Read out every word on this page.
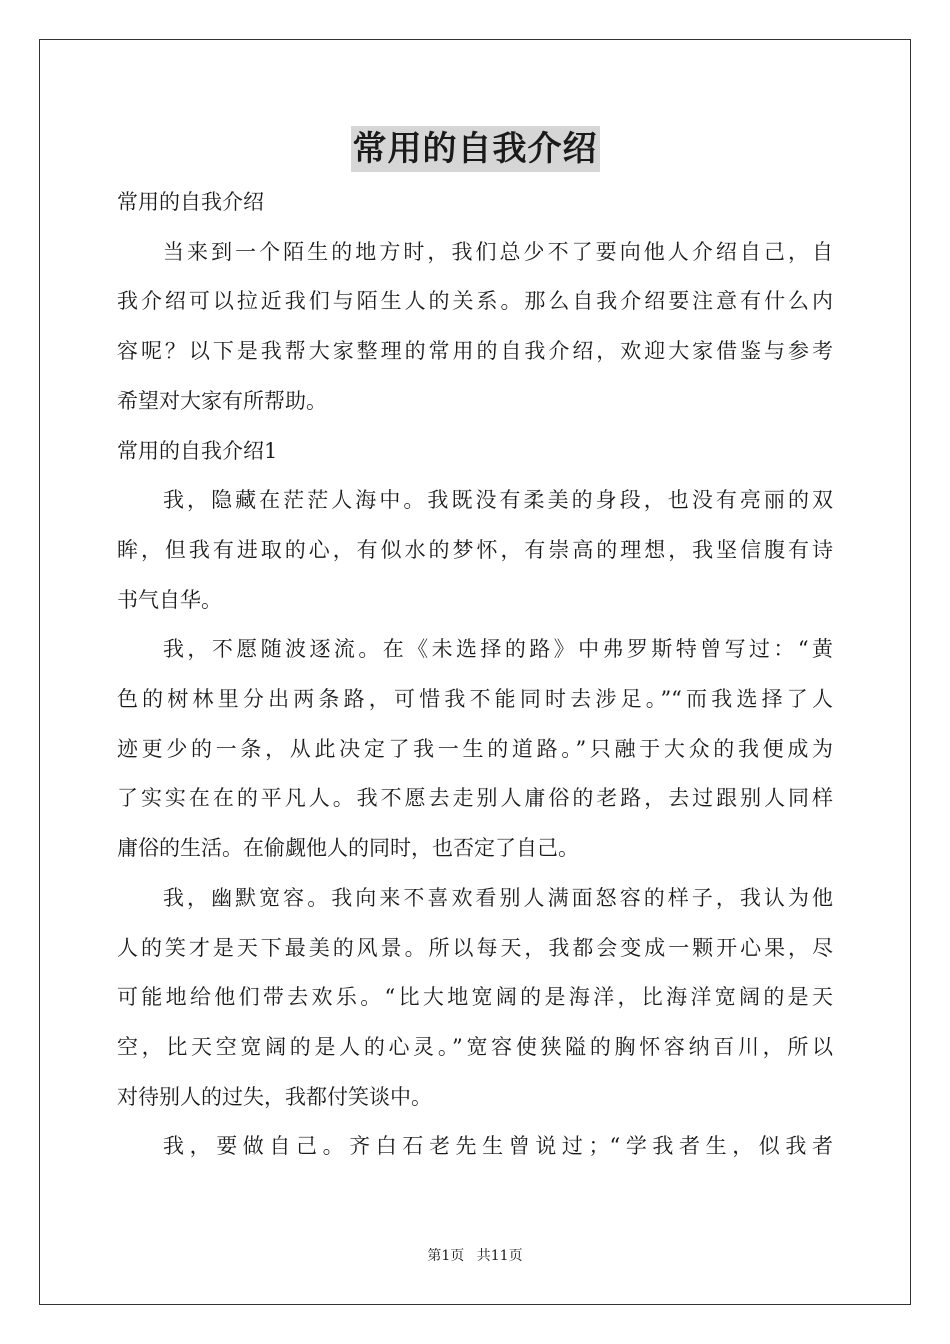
常用的自我介绍
常用的自我介绍
当来到一个陌生的地方时，我们总少不了要向他人介绍自己，自
我介绍可以拉近我们与陌生人的关系。那么自我介绍要注意有什么内
容呢？以下是我帮大家整理的常用的自我介绍，欢迎大家借鉴与参考
希望对大家有所帮助。
常用的自我介绍1
我，隐藏在茫茫人海中。我既没有柔美的身段，也没有亮丽的双
眸，但我有进取的心，有似水的梦怀，有崇高的理想，我坚信腹有诗
书气自华。
我，不愿随波逐流。在《未选择的路》中弗罗斯特曾写过：“黄
色的树林里分出两条路，可惜我不能同时去涉足。”“而我选择了人
迹更少的一条，从此决定了我一生的道路。”只融于大众的我便成为
了实实在在的平凡人。我不愿去走别人庸俗的老路，去过跟别人同样
庸俗的生活。在偷觑他人的同时，也否定了自己。
我，幽默宽容。我向来不喜欢看别人满面怒容的样子，我认为他
人的笑才是天下最美的风景。所以每天，我都会变成一颗开心果，尽
可能地给他们带去欢乐。“比大地宽阔的是海洋，比海洋宽阔的是天
空，比天空宽阔的是人的心灵。”宽容使狭隘的胸怀容纳百川，所以
对待别人的过失，我都付笑谈中。
我，要做自己。齐白石老先生曾说过；“学我者生，似我者
第1页 共11页
